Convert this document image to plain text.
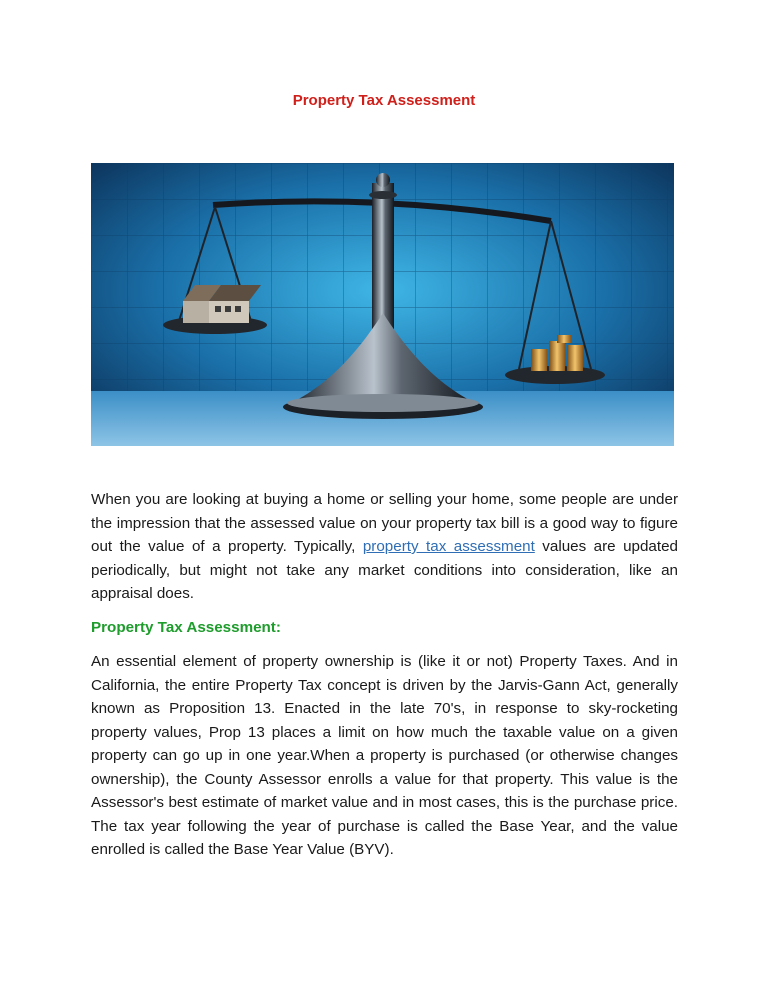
Property Tax Assessment
When you are looking at buying a home or selling your home, some people are under the impression that the assessed value on your property tax bill is a good way to figure out the value of a property. Typically, property tax assessment values are updated periodically, but might not take any market conditions into consideration, like an appraisal does.
Property Tax Assessment:
An essential element of property ownership is (like it or not) Property Taxes. And in California, the entire Property Tax concept is driven by the Jarvis-Gann Act, generally known as Proposition 13. Enacted in the late 70's, in response to sky-rocketing property values, Prop 13 places a limit on how much the taxable value on a given property can go up in one year.When a property is purchased (or otherwise changes ownership), the County Assessor enrolls a value for that property. This value is the Assessor's best estimate of market value and in most cases, this is the purchase price. The tax year following the year of purchase is called the Base Year, and the value enrolled is called the Base Year Value (BYV).
